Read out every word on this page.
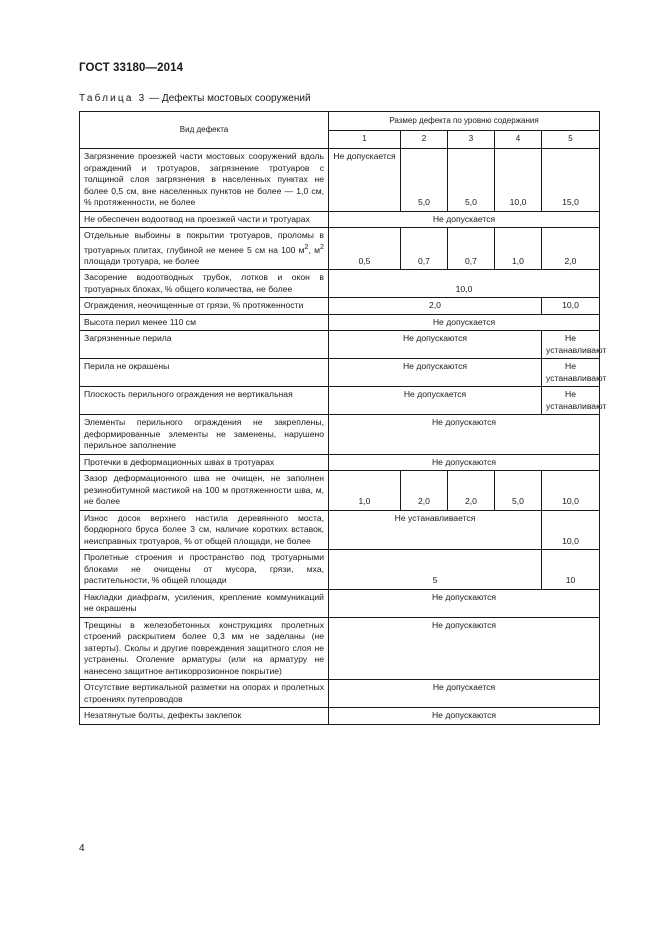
ГОСТ 33180—2014
Таблица 3 — Дефекты мостовых сооружений
Вид дефекта	Размер дефекта по уровню содержания				
	1	2	3	4	5
Загрязнение проезжей части мостовых сооружений вдоль ограждений и тротуаров, загрязнение тротуаров с толщиной слоя загрязнения в населенных пунктах не более 0,5 см, вне населенных пунктов не более — 1,0 см, % протяженности, не более	Не допускается	5,0	5,0	10,0	15,0
Не обеспечен водоотвод на проезжей части и тротуарах	Не допускается				
Отдельные выбоины в покрытии тротуаров, проломы в тротуарных плитах, глубиной не менее 5 см на 100 $м^2$, $м^2$ площади тротуара, не более	0,5	0,7	0,7	1,0	2,0
Засорение водоотводных трубок, лотков и окон в тротуарных блоках, % общего количества, не более	10,0				
Ограждения, неочищенные от грязи, % протяженности	2,0				10,0
Высота перил менее 110 см	Не допускается				
Загрязненные перила	Не допускаются				Не устанавливают
Перила не окрашены	Не допускаются				Не устанавливают
Плоскость перильного ограждения не вертикальная	Не допускается				Не устанавливают
Элементы перильного ограждения не закреплены, деформированные элементы не заменены, нарушено перильное заполнение	Не допускаются				
Протечки в деформационных швах в тротуарах	Не допускаются				
Зазор деформационного шва не очищен, не заполнен резинобитумной мастикой на 100 м протяженности шва, м, не более	1,0	2,0	2,0	5,0	10,0
Износ досок верхнего настила деревянного моста, бордюрного бруса более 3 см, наличие коротких вставок, неисправных тротуаров, % от общей площади, не более	Не устанавливается				10,0
Пролетные строения и пространство под тротуарными блоками не очищены от мусора, грязи, мха, растительности, % общей площади	5				10
Накладки диафрагм, усиления, крепление коммуникаций не окрашены	Не допускаются				
Трещины в железобетонных конструкциях пролетных строений раскрытием более 0,3 мм не заделаны (не затерты). Сколы и другие повреждения защитного слоя не устранены. Оголение арматуры (или на арматуру не нанесено защитное антикоррозионное покрытие)	Не допускаются				
Отсутствие вертикальной разметки на опорах и пролетных строениях путепроводов	Не допускается				
Незатянутые болты, дефекты заклепок	Не допускаются				
4
